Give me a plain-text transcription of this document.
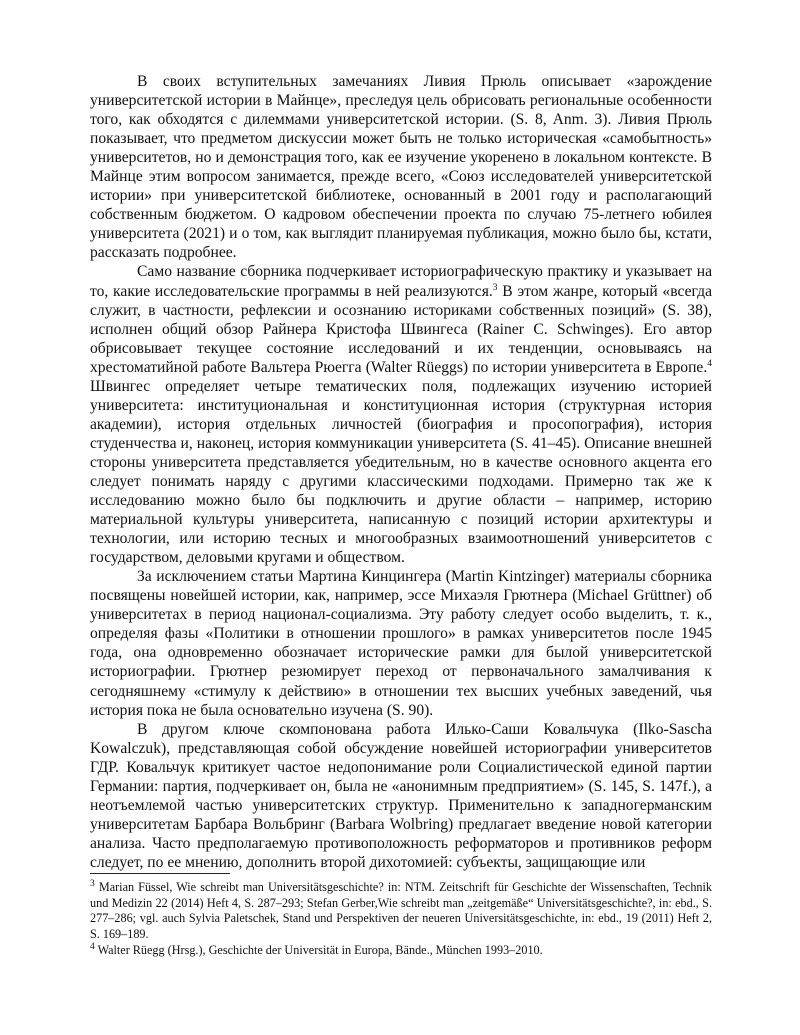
В своих вступительных замечаниях Ливия Прюль описывает «зарождение университетской истории в Майнце», преследуя цель обрисовать региональные особенности того, как обходятся с дилеммами университетской истории. (S. 8, Anm. 3). Ливия Прюль показывает, что предметом дискуссии может быть не только историческая «самобытность» университетов, но и демонстрация того, как ее изучение укоренено в локальном контексте. В Майнце этим вопросом занимается, прежде всего, «Союз исследователей университетской истории» при университетской библиотеке, основанный в 2001 году и располагающий собственным бюджетом. О кадровом обеспечении проекта по случаю 75-летнего юбилея университета (2021) и о том, как выглядит планируемая публикация, можно было бы, кстати, рассказать подробнее.

Само название сборника подчеркивает историографическую практику и указывает на то, какие исследовательские программы в ней реализуются.$^3$ В этом жанре, который «всегда служит, в частности, рефлексии и осознанию историками собственных позиций» (S. 38), исполнен общий обзор Райнера Кристофа Швингеса (Rainer C. Schwinges). Его автор обрисовывает текущее состояние исследований и их тенденции, основываясь на хрестоматийной работе Вальтера Рюегга (Walter Rüeggs) по истории университета в Европе.$^4$ Швингес определяет четыре тематических поля, подлежащих изучению историей университета: институциональная и конституционная история (структурная история академии), история отдельных личностей (биография и просопография), история студенчества и, наконец, история коммуникации университета (S. 41–45). Описание внешней стороны университета представляется убедительным, но в качестве основного акцента его следует понимать наряду с другими классическими подходами. Примерно так же к исследованию можно было бы подключить и другие области – например, историю материальной культуры университета, написанную с позиций истории архитектуры и технологии, или историю тесных и многообразных взаимоотношений университетов с государством, деловыми кругами и обществом.

За исключением статьи Мартина Кинцингера (Martin Kintzinger) материалы сборника посвящены новейшей истории, как, например, эссе Михаэля Грютнера (Michael Grüttner) об университетах в период национал-социализма. Эту работу следует особо выделить, т. к., определяя фазы «Политики в отношении прошлого» в рамках университетов после 1945 года, она одновременно обозначает исторические рамки для былой университетской историографии. Грютнер резюмирует переход от первоначального замалчивания к сегодняшнему «стимулу к действию» в отношении тех высших учебных заведений, чья история пока не была основательно изучена (S. 90).

В другом ключе скомпонована работа Илько-Саши Ковальчука (Ilko-Sascha Kowalczuk), представляющая собой обсуждение новейшей историографии университетов ГДР. Ковальчук критикует частое недопонимание роли Социалистической единой партии Германии: партия, подчеркивает он, была не «анонимным предприятием» (S. 145, S. 147f.), а неотъемлемой частью университетских структур. Применительно к западногерманским университетам Барбара Вольбринг (Barbara Wolbring) предлагает введение новой категории анализа. Часто предполагаемую противоположность реформаторов и противников реформ следует, по ее мнению, дополнить второй дихотомией: субъекты, защищающие или

$^3$ Marian Füssel, Wie schreibt man Universitätsgeschichte? in: NTM. Zeitschrift für Geschichte der Wissenschaften, Technik und Medizin 22 (2014) Heft 4, S. 287–293; Stefan Gerber,Wie schreibt man „zeitgemäße“ Universitätsgeschichte?, in: ebd., S. 277–286; vgl. auch Sylvia Paletschek, Stand und Perspektiven der neueren Universitätsgeschichte, in: ebd., 19 (2011) Heft 2, S. 169–189.

$^4$ Walter Rüegg (Hrsg.), Geschichte der Universität in Europa, Bände., München 1993–2010.
